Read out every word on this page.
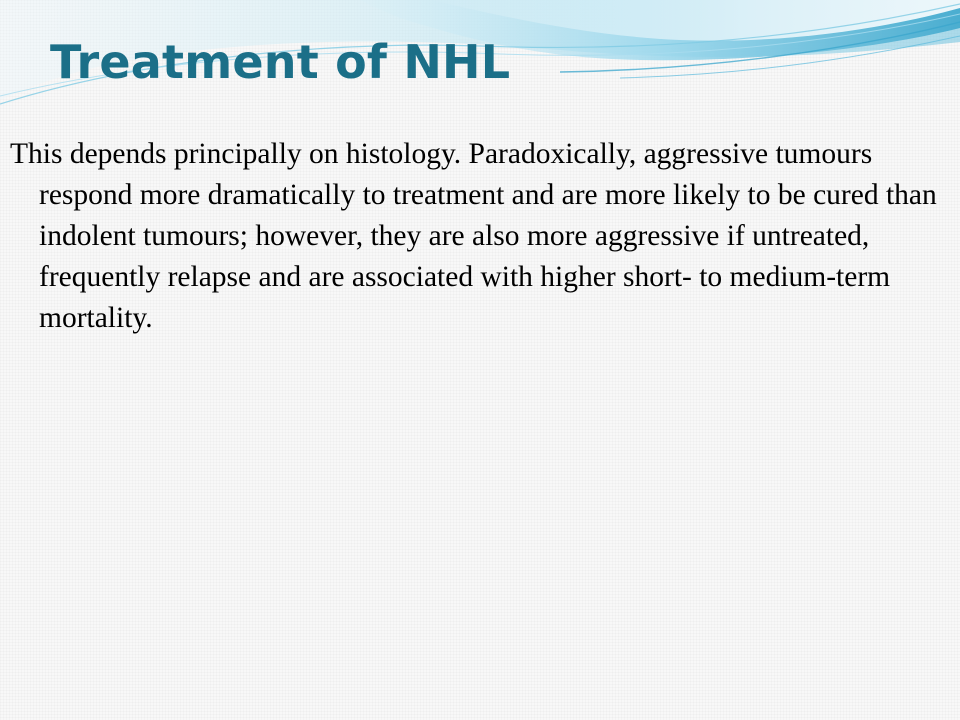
Treatment of NHL

This depends principally on histology. Paradoxically, aggressive tumours respond more dramatically to treatment and are more likely to be cured than indolent tumours; however, they are also more aggressive if untreated, frequently relapse and are associated with higher short- to medium-term mortality.
